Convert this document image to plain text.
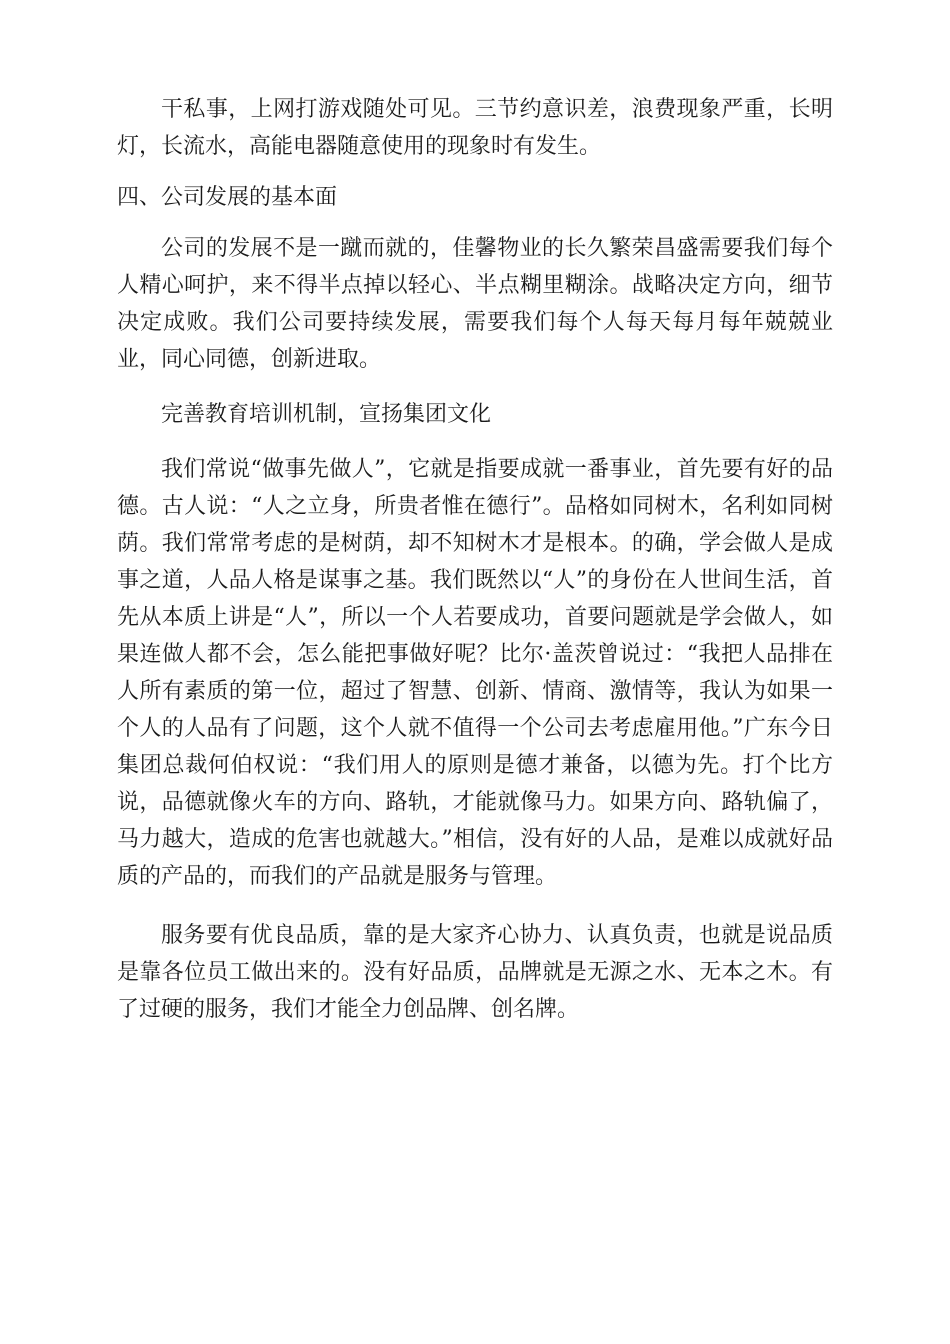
干私事，上网打游戏随处可见。三节约意识差，浪费现象严重，长明灯，长流水，高能电器随意使用的现象时有发生。

四、公司发展的基本面

公司的发展不是一蹴而就的，佳馨物业的长久繁荣昌盛需要我们每个人精心呵护，来不得半点掉以轻心、半点糊里糊涂。战略决定方向，细节决定成败。我们公司要持续发展，需要我们每个人每天每月每年兢兢业业，同心同德，创新进取。

完善教育培训机制，宣扬集团文化

我们常说“做事先做人”，它就是指要成就一番事业，首先要有好的品德。古人说：“人之立身，所贵者惟在德行”。品格如同树木，名利如同树荫。我们常常考虑的是树荫，却不知树木才是根本。的确，学会做人是成事之道，人品人格是谋事之基。我们既然以“人”的身份在人世间生活，首先从本质上讲是“人”，所以一个人若要成功，首要问题就是学会做人，如果连做人都不会，怎么能把事做好呢？比尔·盖茨曾说过：“我把人品排在人所有素质的第一位，超过了智慧、创新、情商、激情等，我认为如果一个人的人品有了问题，这个人就不值得一个公司去考虑雇用他。”广东今日集团总裁何伯权说：“我们用人的原则是德才兼备，以德为先。打个比方说，品德就像火车的方向、路轨，才能就像马力。如果方向、路轨偏了，马力越大，造成的危害也就越大。”相信，没有好的人品，是难以成就好品质的产品的，而我们的产品就是服务与管理。

服务要有优良品质，靠的是大家齐心协力、认真负责，也就是说品质是靠各位员工做出来的。没有好品质，品牌就是无源之水、无本之木。有了过硬的服务，我们才能全力创品牌、创名牌。
